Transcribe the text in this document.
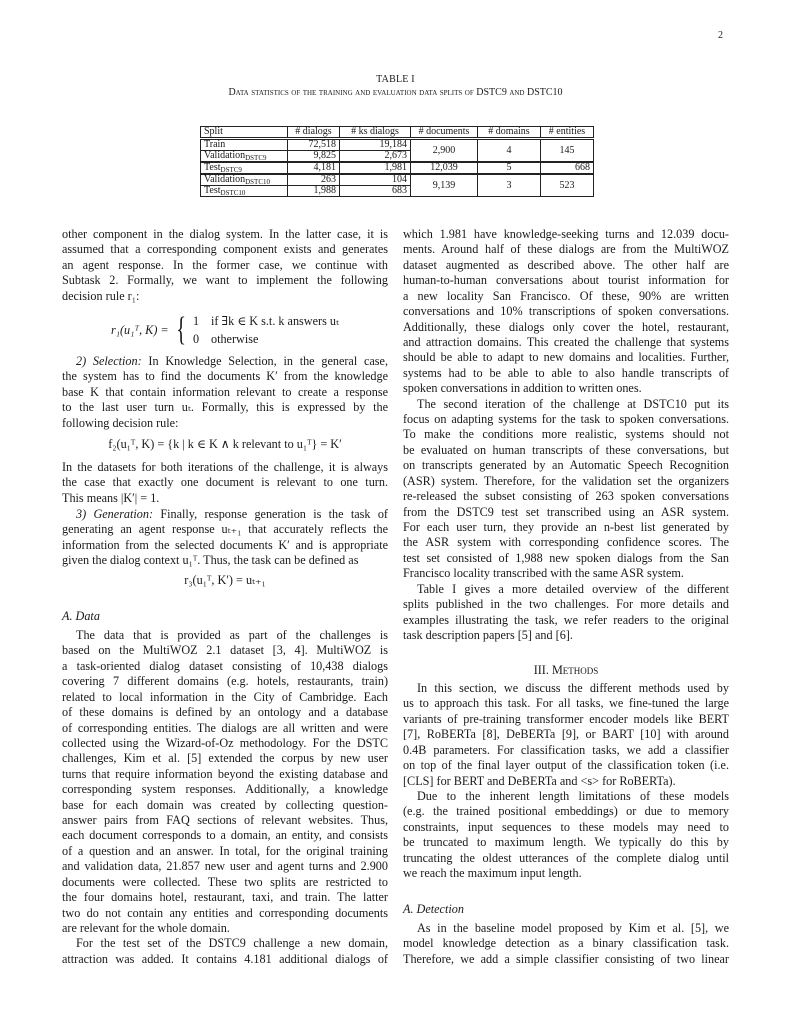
2
TABLE I
Data statistics of the training and evaluation data splits of DSTC9 and DSTC10
Split	# dialogs	# ks dialogs	# documents	# domains	# entities
Train	72,518	19,184	2,900	4	145
Validation$_{DSTC9}$	9,825	2,673			
Test$_{DSTC9}$	4,181	1,981	12,039	5	668
Validation$_{DSTC10}$	263	104	9,139	3	523
Test$_{DSTC10}$	1,988	683			
other component in the dialog system. In the latter case, it is
assumed that a corresponding component exists and generates
an agent response. In the former case, we continue with
Subtask 2. Formally, we want to implement the following
decision rule r₁:
r₁(u₁ᵀ, K) = { 1 if ∃k ∈ K s.t. k answers uₜ
0 otherwise
2) Selection: In Knowledge Selection, in the general case,
the system has to find the documents K′ from the knowledge
base K that contain information relevant to create a response
to the last user turn uₜ. Formally, this is expressed by the
following decision rule:
f₂(u₁ᵀ, K) = {k | k ∈ K ∧ k relevant to u₁ᵀ} = K′
In the datasets for both iterations of the challenge, it is always
the case that exactly one document is relevant to one turn.
This means |K′| = 1.
3) Generation: Finally, response generation is the task of
generating an agent response uₜ₊₁ that accurately reflects the
information from the selected documents K′ and is appropriate
given the dialog context u₁ᵀ. Thus, the task can be defined as
r₃(u₁ᵀ, K′) = uₜ₊₁
A. Data
The data that is provided as part of the challenges is
based on the MultiWOZ 2.1 dataset [3, 4]. MultiWOZ is
a task-oriented dialog dataset consisting of 10,438 dialogs
covering 7 different domains (e.g. hotels, restaurants, train)
related to local information in the City of Cambridge. Each
of these domains is defined by an ontology and a database
of corresponding entities. The dialogs are all written and were
collected using the Wizard-of-Oz methodology. For the DSTC
challenges, Kim et al. [5] extended the corpus by new user
turns that require information beyond the existing database and
corresponding system responses. Additionally, a knowledge
base for each domain was created by collecting question-
answer pairs from FAQ sections of relevant websites. Thus,
each document corresponds to a domain, an entity, and consists
of a question and an answer. In total, for the original training
and validation data, 21.857 new user and agent turns and 2.900
documents were collected. These two splits are restricted to
the four domains hotel, restaurant, taxi, and train. The latter
two do not contain any entities and corresponding documents
are relevant for the whole domain.
For the test set of the DSTC9 challenge a new domain,
attraction was added. It contains 4.181 additional dialogs of
which 1.981 have knowledge-seeking turns and 12.039 docu-
ments. Around half of these dialogs are from the MultiWOZ
dataset augmented as described above. The other half are
human-to-human conversations about tourist information for
a new locality San Francisco. Of these, 90% are written
conversations and 10% transcriptions of spoken conversations.
Additionally, these dialogs only cover the hotel, restaurant,
and attraction domains. This created the challenge that systems
should be able to adapt to new domains and localities. Further,
systems had to be able to able to also handle transcripts of
spoken conversations in addition to written ones.
The second iteration of the challenge at DSTC10 put its
focus on adapting systems for the task to spoken conversations.
To make the conditions more realistic, systems should not
be evaluated on human transcripts of these conversations, but
on transcripts generated by an Automatic Speech Recognition
(ASR) system. Therefore, for the validation set the organizers
re-released the subset consisting of 263 spoken conversations
from the DSTC9 test set transcribed using an ASR system.
For each user turn, they provide an n-best list generated by
the ASR system with corresponding confidence scores. The
test set consisted of 1,988 new spoken dialogs from the San
Francisco locality transcribed with the same ASR system.
Table I gives a more detailed overview of the different
splits published in the two challenges. For more details and
examples illustrating the task, we refer readers to the original
task description papers [5] and [6].
III. Methods
In this section, we discuss the different methods used by
us to approach this task. For all tasks, we fine-tuned the large
variants of pre-training transformer encoder models like BERT
[7], RoBERTa [8], DeBERTa [9], or BART [10] with around
0.4B parameters. For classification tasks, we add a classifier
on top of the final layer output of the classification token (i.e.
[CLS] for BERT and DeBERTa and <s> for RoBERTa).
Due to the inherent length limitations of these models
(e.g. the trained positional embeddings) or due to memory
constraints, input sequences to these models may need to
be truncated to maximum length. We typically do this by
truncating the oldest utterances of the complete dialog until
we reach the maximum input length.
A. Detection
As in the baseline model proposed by Kim et al. [5], we
model knowledge detection as a binary classification task.
Therefore, we add a simple classifier consisting of two linear
